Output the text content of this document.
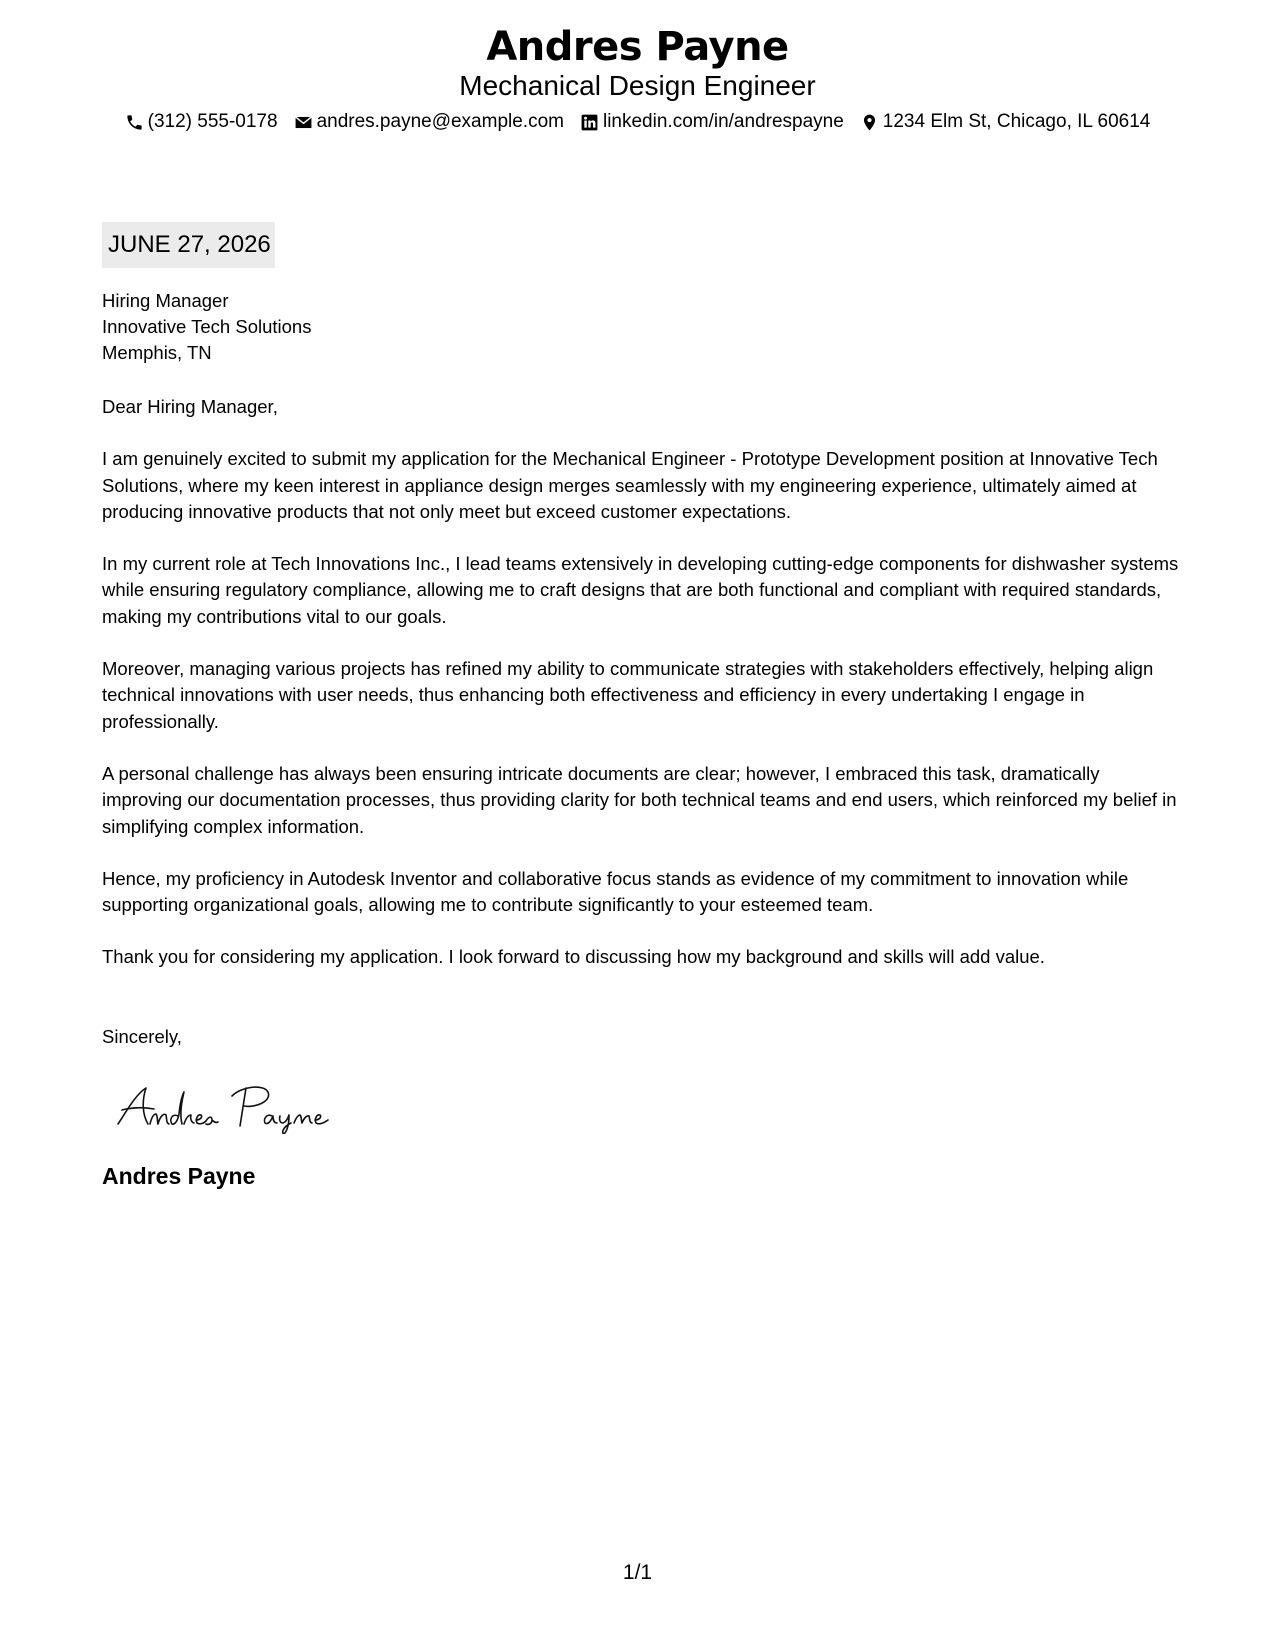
Andres Payne
Mechanical Design Engineer
(312) 555-0178 andres.payne@example.com linkedin.com/in/andrespayne 1234 Elm St, Chicago, IL 60614
JUNE 27, 2026
Hiring Manager
Innovative Tech Solutions
Memphis, TN

Dear Hiring Manager,

I am genuinely excited to submit my application for the Mechanical Engineer - Prototype Development position at Innovative Tech Solutions, where my keen interest in appliance design merges seamlessly with my engineering experience, ultimately aimed at producing innovative products that not only meet but exceed customer expectations.

In my current role at Tech Innovations Inc., I lead teams extensively in developing cutting-edge components for dishwasher systems while ensuring regulatory compliance, allowing me to craft designs that are both functional and compliant with required standards, making my contributions vital to our goals.

Moreover, managing various projects has refined my ability to communicate strategies with stakeholders effectively, helping align technical innovations with user needs, thus enhancing both effectiveness and efficiency in every undertaking I engage in professionally.

A personal challenge has always been ensuring intricate documents are clear; however, I embraced this task, dramatically improving our documentation processes, thus providing clarity for both technical teams and end users, which reinforced my belief in simplifying complex information.

Hence, my proficiency in Autodesk Inventor and collaborative focus stands as evidence of my commitment to innovation while supporting organizational goals, allowing me to contribute significantly to your esteemed team.

Thank you for considering my application. I look forward to discussing how my background and skills will add value.

Sincerely,
Andres Payne
1/1
